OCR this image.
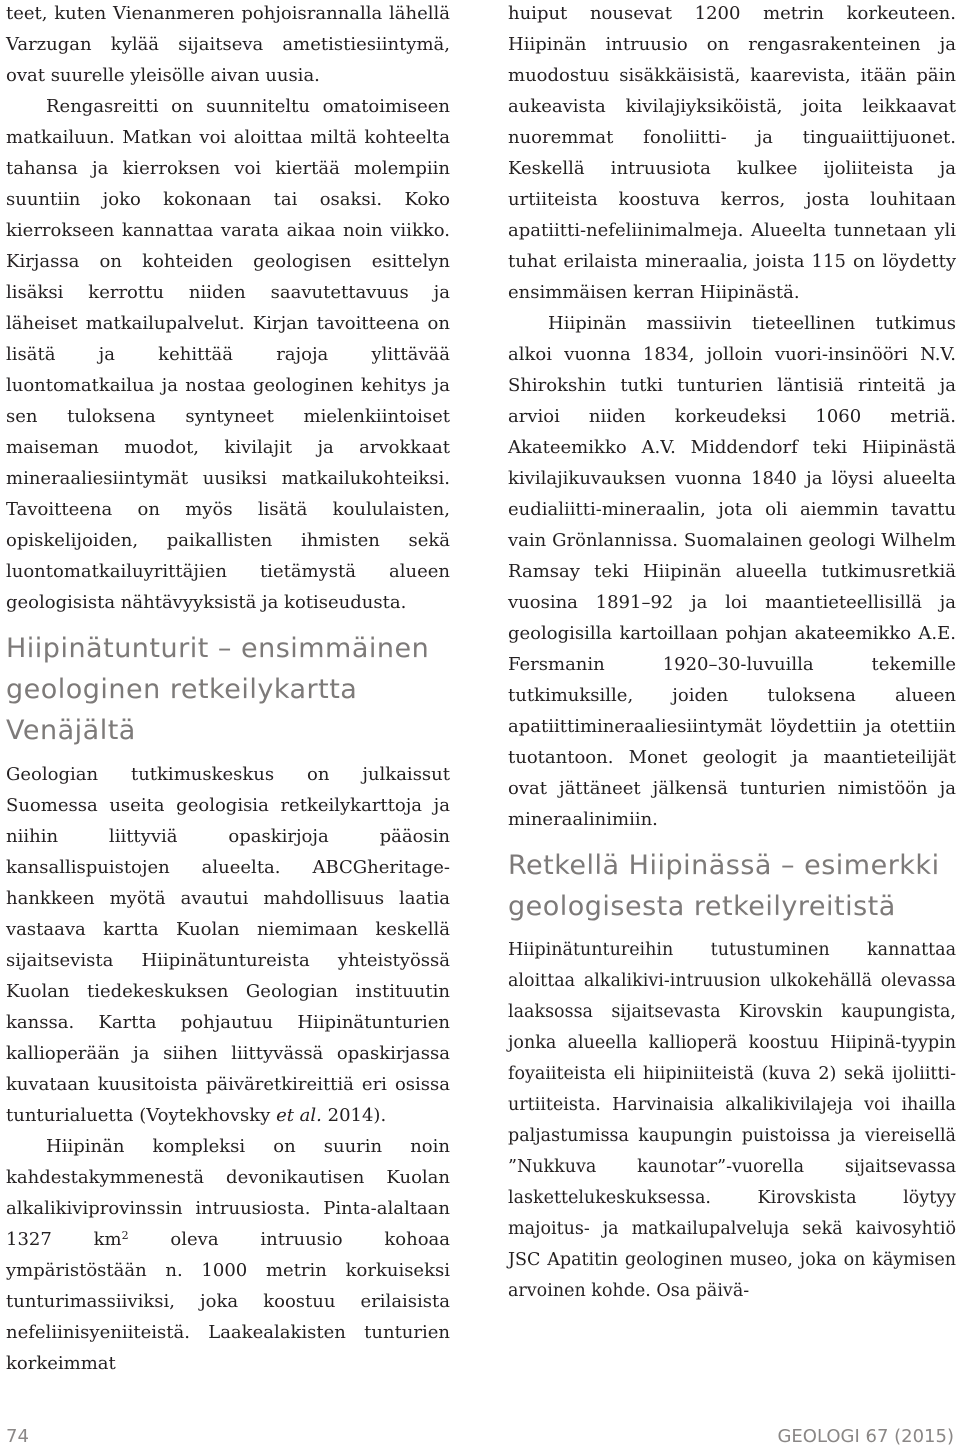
teet, kuten Vienanmeren pohjoisrannalla lähellä Varzugan kylää sijaitseva ametistiesiintymä, ovat suurelle yleisölle aivan uusia.

Rengasreitti on suunniteltu omatoimiseen matkailuun. Matkan voi aloittaa miltä kohteelta tahansa ja kierroksen voi kiertää molempiin suuntiin joko kokonaan tai osaksi. Koko kierrokseen kannattaa varata aikaa noin viikko. Kirjassa on kohteiden geologisen esittelyn lisäksi kerrottu niiden saavutettavuus ja läheiset matkailupalvelut. Kirjan tavoitteena on lisätä ja kehittää rajoja ylittävää luontomatkailua ja nostaa geologinen kehitys ja sen tuloksena syntyneet mielenkiintoiset maiseman muodot, kivilajit ja arvokkaat mineraaliesiintymät uusiksi matkailukohteiksi. Tavoitteena on myös lisätä koululaisten, opiskelijoiden, paikallisten ihmisten sekä luontomatkailuyrittäjien tietämystä alueen geologisista nähtävyyksistä ja kotiseudusta.

Hiipinätunturit – ensimmäinen geologinen retkeilykartta Venäjältä

Geologian tutkimuskeskus on julkaissut Suomessa useita geologisia retkeilykarttoja ja niihin liittyviä opaskirjoja pääosin kansallispuistojen alueelta. ABCGheritage-hankkeen myötä avautui mahdollisuus laatia vastaava kartta Kuolan niemimaan keskellä sijaitsevista Hiipinätuntureista yhteistyössä Kuolan tiedekeskuksen Geologian instituutin kanssa. Kartta pohjautuu Hiipinätunturien kallioperään ja siihen liittyvässä opaskirjassa kuvataan kuusitoista päiväretkireittiä eri osissa tunturialuetta (Voytekhovsky et al. 2014).

Hiipinän kompleksi on suurin noin kahdestakymmenestä devonikautisen Kuolan alkalikiviprovinssin intruusiosta. Pinta-alaltaan 1327 $km^2$ oleva intruusio kohoaa ympäristöstään n. 1000 metrin korkuiseksi tunturimassiiviksi, joka koostuu erilaisista nefeliinisyeniiteistä. Laakealakisten tunturien korkeimmat

huiput nousevat 1200 metrin korkeuteen. Hiipinän intruusio on rengasrakenteinen ja muodostuu sisäkkäisistä, kaarevista, itään päin aukeavista kivilajiyksiköistä, joita leikkaavat nuoremmat fonoliitti- ja tinguaiittijuonet. Keskellä intruusiota kulkee ijoliiteista ja urtiiteista koostuva kerros, josta louhitaan apatiitti-nefeliinimalmeja. Alueelta tunnetaan yli tuhat erilaista mineraalia, joista 115 on löydetty ensimmäisen kerran Hiipinästä.

Hiipinän massiivin tieteellinen tutkimus alkoi vuonna 1834, jolloin vuori-insinööri N.V. Shirokshin tutki tunturien läntisiä rinteitä ja arvioi niiden korkeudeksi 1060 metriä. Akateemikko A.V. Middendorf teki Hiipinästä kivilajikuvauksen vuonna 1840 ja löysi alueelta eudialiitti-mineraalin, jota oli aiemmin tavattu vain Grönlannissa. Suomalainen geologi Wilhelm Ramsay teki Hiipinän alueella tutkimusretkiä vuosina 1891–92 ja loi maantieteellisillä ja geologisilla kartoillaan pohjan akateemikko A.E. Fersmanin 1920–30-luvuilla tekemille tutkimuksille, joiden tuloksena alueen apatiittimineraaliesiintymät löydettiin ja otettiin tuotantoon. Monet geologit ja maantieteilijät ovat jättäneet jälkensä tunturien nimistöön ja mineraalinimiin.

Retkellä Hiipinässä – esimerkki geologisesta retkeilyreitistä

Hiipinätuntureihin tutustuminen kannattaa aloittaa alkalikivi-intruusion ulkokehällä olevassa laaksossa sijaitsevasta Kirovskin kaupungista, jonka alueella kallioperä koostuu Hiipinä-tyypin foyaiiteista eli hiipiniiteistä (kuva 2) sekä ijoliitti-urtiiteista. Harvinaisia alkalikivilajeja voi ihailla paljastumissa kaupungin puistoissa ja viereisellä ”Nukkuva kaunotar”-vuorella sijaitsevassa laskettelukeskuksessa. Kirovskista löytyy majoitus- ja matkailupalveluja sekä kaivosyhtiö JSC Apatitin geologinen museo, joka on käymisen arvoinen kohde. Osa päivä-

74	GEOLOGI 67 (2015)
